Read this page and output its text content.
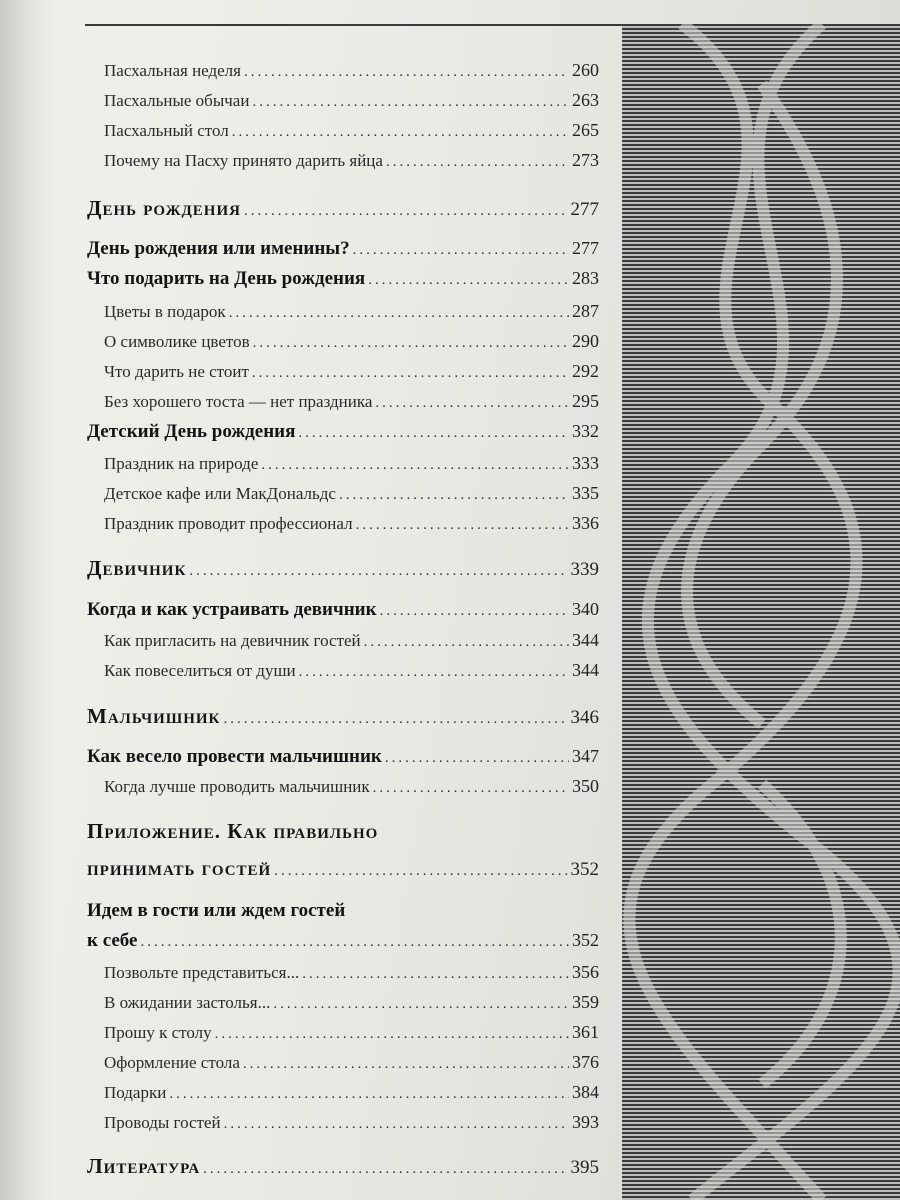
Пасхальная неделя .....	260
Пасхальные обычаи .....	263
Пасхальный стол .....	265
Почему на Пасху принято дарить яйца .....	273
День рождения .....	277
День рождения или именины? .....	277
Что подарить на День рождения .....	283
Цветы в подарок .....	287
О символике цветов .....	290
Что дарить не стоит .....	292
Без хорошего тоста — нет праздника .....	295
Детский День рождения .....	332
Праздник на природе .....	333
Детское кафе или МакДональдс .....	335
Праздник проводит профессионал .....	336
Девичник .....	339
Когда и как устраивать девичник .....	340
Как пригласить на девичник гостей .....	344
Как повеселиться от души .....	344
Мальчишник .....	346
Как весело провести мальчишник .....	347
Когда лучше проводить мальчишник .....	350
Приложение. Как правильно
принимать гостей .....	352
Идем в гости или ждем гостей
к себе .....	352
Позвольте представиться... .....	356
В ожидании застолья... .....	359
Прошу к столу .....	361
Оформление стола .....	376
Подарки .....	384
Проводы гостей .....	393
Литература .....	395
